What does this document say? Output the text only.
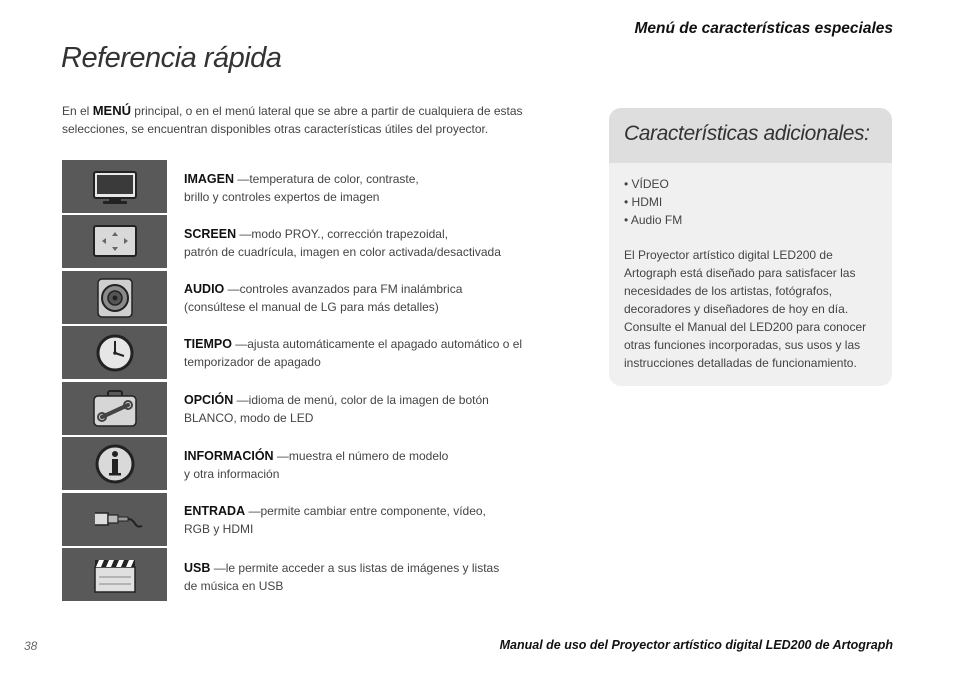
Menú de características especiales
Referencia rápida
En el MENÚ principal, o en el menú lateral que se abre a partir de cualquiera de estas selecciones, se encuentran disponibles otras características útiles del proyector.
IMAGEN —temperatura de color, contraste,
brillo y controles expertos de imagen
SCREEN —modo PROY., corrección trapezoidal,
patrón de cuadrícula, imagen en color activada/desactivada
AUDIO —controles avanzados para FM inalámbrica
(consúltese el manual de LG para más detalles)
TIEMPO —ajusta automáticamente el apagado automático o el
temporizador de apagado
OPCIÓN —idioma de menú, color de la imagen de botón
BLANCO, modo de LED
INFORMACIÓN —muestra el número de modelo
y otra información
ENTRADA —permite cambiar entre componente, vídeo,
RGB y HDMI
USB —le permite acceder a sus listas de imágenes y listas
de música en USB
Características adicionales:
• VÍDEO
• HDMI
• Audio FM
El Proyector artístico digital LED200 de Artograph está diseñado para satisfacer las necesidades de los artistas, fotógrafos, decoradores y diseñadores de hoy en día. Consulte el Manual del LED200 para conocer otras funciones incorporadas, sus usos y las instrucciones detalladas de funcionamiento.
38	Manual de uso del Proyector artístico digital LED200 de Artograph
